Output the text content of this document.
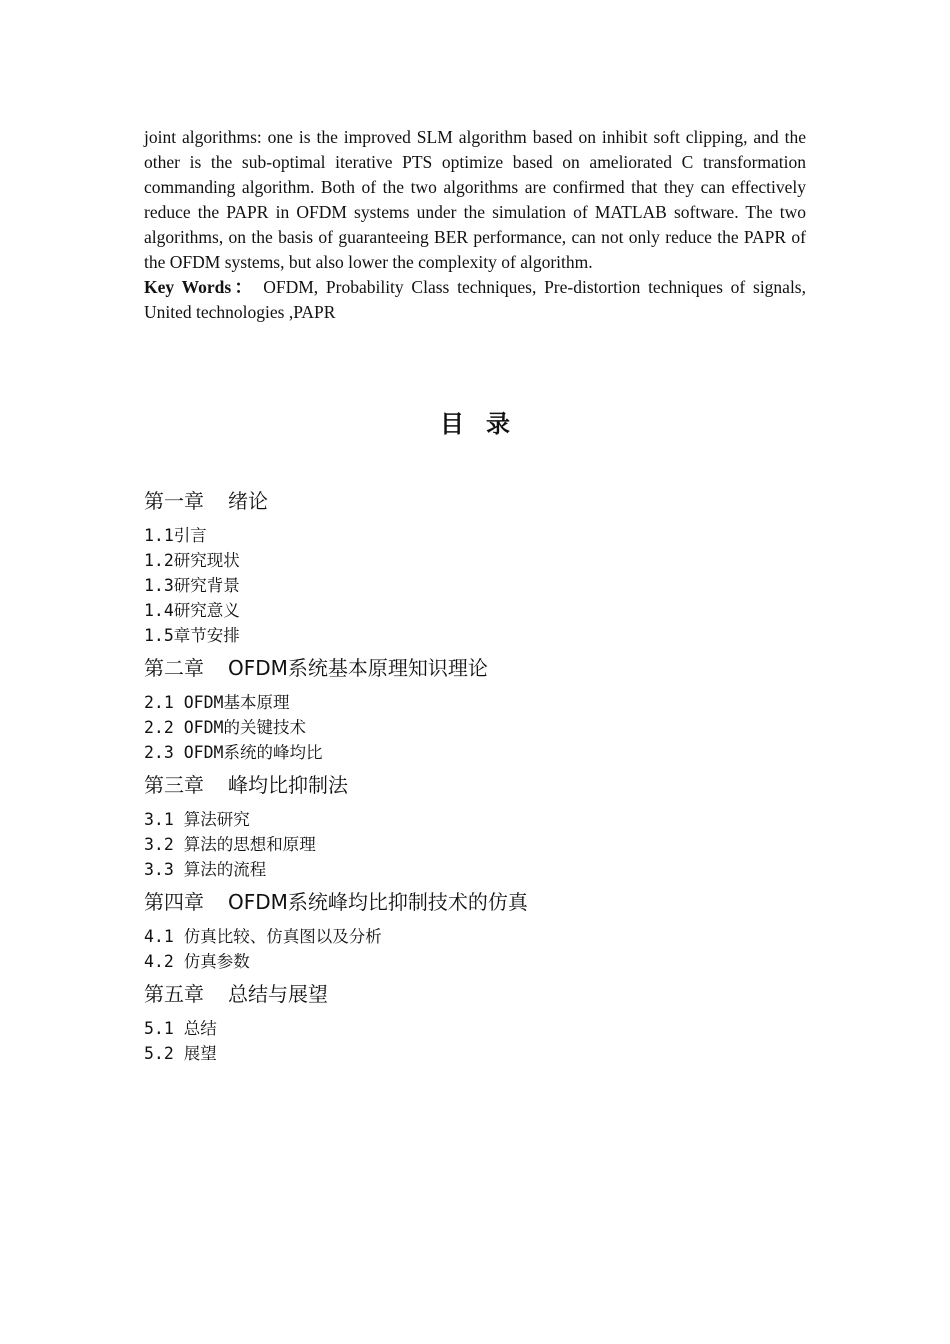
joint algorithms: one is the improved SLM algorithm based on inhibit soft clipping, and the other is the sub-optimal iterative PTS optimize based on ameliorated C transformation commanding algorithm. Both of the two algorithms are confirmed that they can effectively reduce the PAPR in OFDM systems under the simulation of MATLAB software. The two algorithms, on the basis of guaranteeing BER performance, can not only reduce the PAPR of the OFDM systems, but also lower the complexity of algorithm.

Key Words： OFDM, Probability Class techniques, Pre-distortion techniques of signals, United technologies ,PAPR

目录
第一章 绪论
1.1引言
1.2研究现状
1.3研究背景
1.4研究意义
1.5章节安排
第二章 OFDM系统基本原理知识理论
2.1 OFDM基本原理
2.2 OFDM的关键技术
2.3 OFDM系统的峰均比
第三章 峰均比抑制法
3.1 算法研究
3.2 算法的思想和原理
3.3 算法的流程
第四章 OFDM系统峰均比抑制技术的仿真
4.1 仿真比较、仿真图以及分析
4.2 仿真参数
第五章 总结与展望
5.1 总结
5.2 展望
